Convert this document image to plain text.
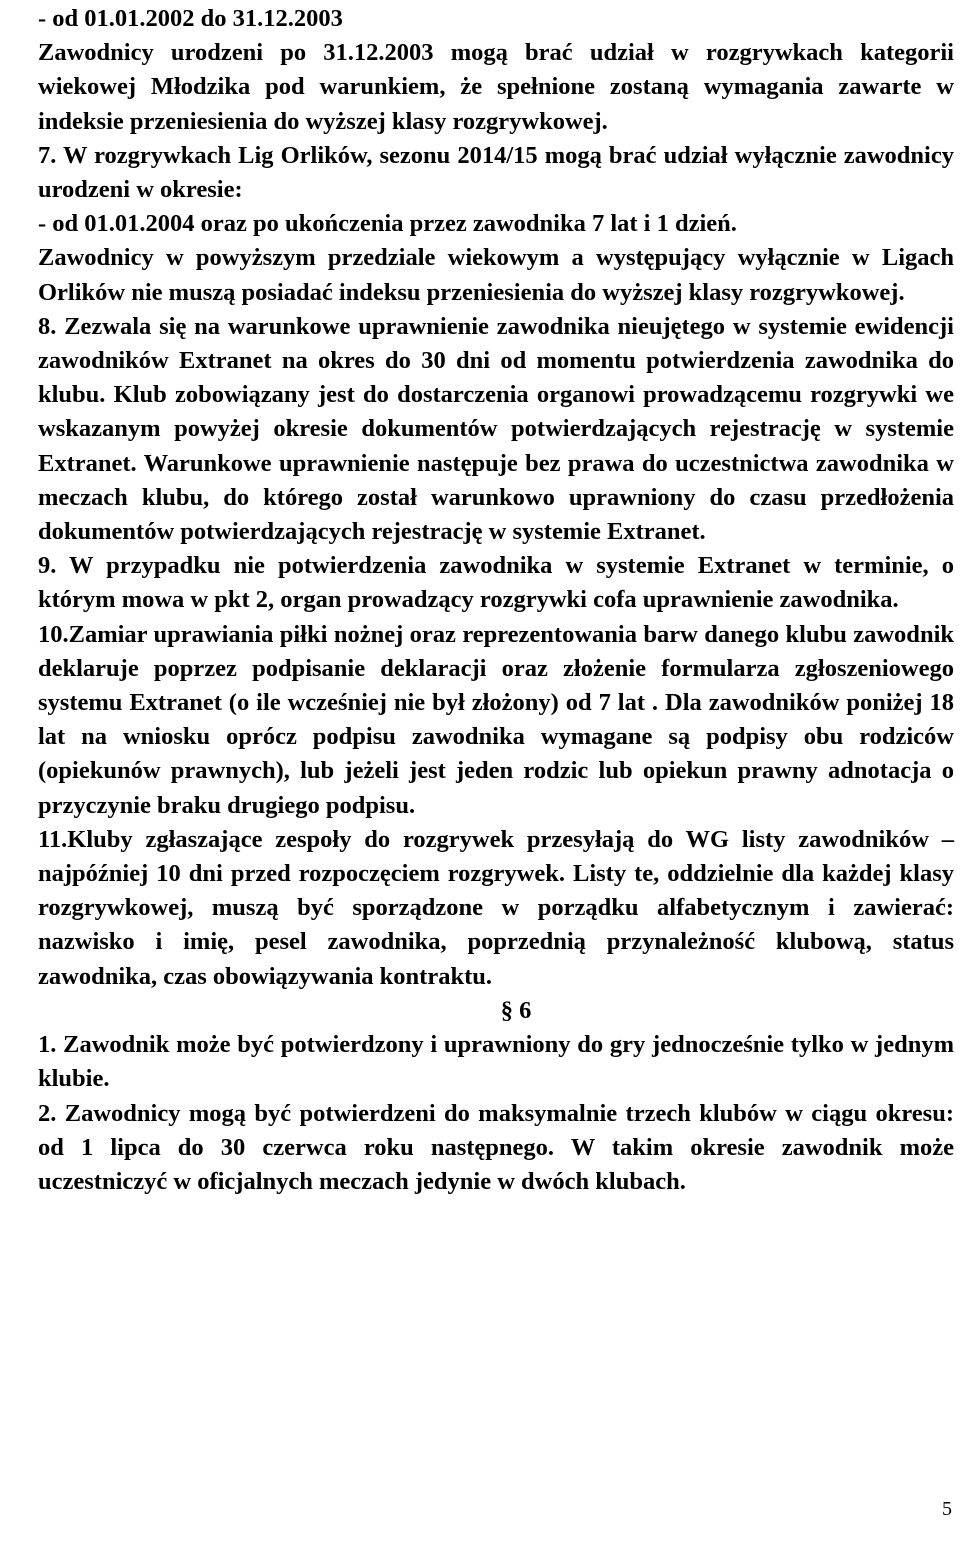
- od 01.01.2002 do 31.12.2003

Zawodnicy urodzeni po 31.12.2003 mogą brać udział w rozgrywkach kategorii wiekowej Młodzika pod warunkiem, że spełnione zostaną wymagania zawarte w indeksie przeniesienia do wyższej klasy rozgrywkowej.

7. W rozgrywkach Lig Orlików, sezonu 2014/15 mogą brać udział wyłącznie zawodnicy urodzeni w okresie:

- od 01.01.2004 oraz po ukończenia przez zawodnika 7 lat i 1 dzień.

Zawodnicy w powyższym przedziale wiekowym a występujący wyłącznie w Ligach Orlików nie muszą posiadać indeksu przeniesienia do wyższej klasy rozgrywkowej.

8. Zezwala się na warunkowe uprawnienie zawodnika nieujętego w systemie ewidencji zawodników Extranet na okres do 30 dni od momentu potwierdzenia zawodnika do klubu. Klub zobowiązany jest do dostarczenia organowi prowadzącemu rozgrywki we wskazanym powyżej okresie dokumentów potwierdzających rejestrację w systemie Extranet. Warunkowe uprawnienie następuje bez prawa do uczestnictwa zawodnika w meczach klubu, do którego został warunkowo uprawniony do czasu przedłożenia dokumentów potwierdzających rejestrację w systemie Extranet.

9. W przypadku nie potwierdzenia zawodnika w systemie Extranet w terminie, o którym mowa w pkt 2, organ prowadzący rozgrywki cofa uprawnienie zawodnika.

10.Zamiar uprawiania piłki nożnej oraz reprezentowania barw danego klubu zawodnik deklaruje poprzez podpisanie deklaracji oraz złożenie formularza zgłoszeniowego systemu Extranet (o ile wcześniej nie był złożony) od 7 lat . Dla zawodników poniżej 18 lat na wniosku oprócz podpisu zawodnika wymagane są podpisy obu rodziców (opiekunów prawnych), lub jeżeli jest jeden rodzic lub opiekun prawny adnotacja o przyczynie braku drugiego podpisu.

11.Kluby zgłaszające zespoły do rozgrywek przesyłają do WG listy zawodników – najpóźniej 10 dni przed rozpoczęciem rozgrywek. Listy te, oddzielnie dla każdej klasy rozgrywkowej, muszą być sporządzone w porządku alfabetycznym i zawierać: nazwisko i imię, pesel zawodnika, poprzednią przynależność klubową, status zawodnika, czas obowiązywania kontraktu.

§ 6

1. Zawodnik może być potwierdzony i uprawniony do gry jednocześnie tylko w jednym klubie.

2. Zawodnicy mogą być potwierdzeni do maksymalnie trzech klubów w ciągu okresu: od 1 lipca do 30 czerwca roku następnego. W takim okresie zawodnik może uczestniczyć w oficjalnych meczach jedynie w dwóch klubach.

5
